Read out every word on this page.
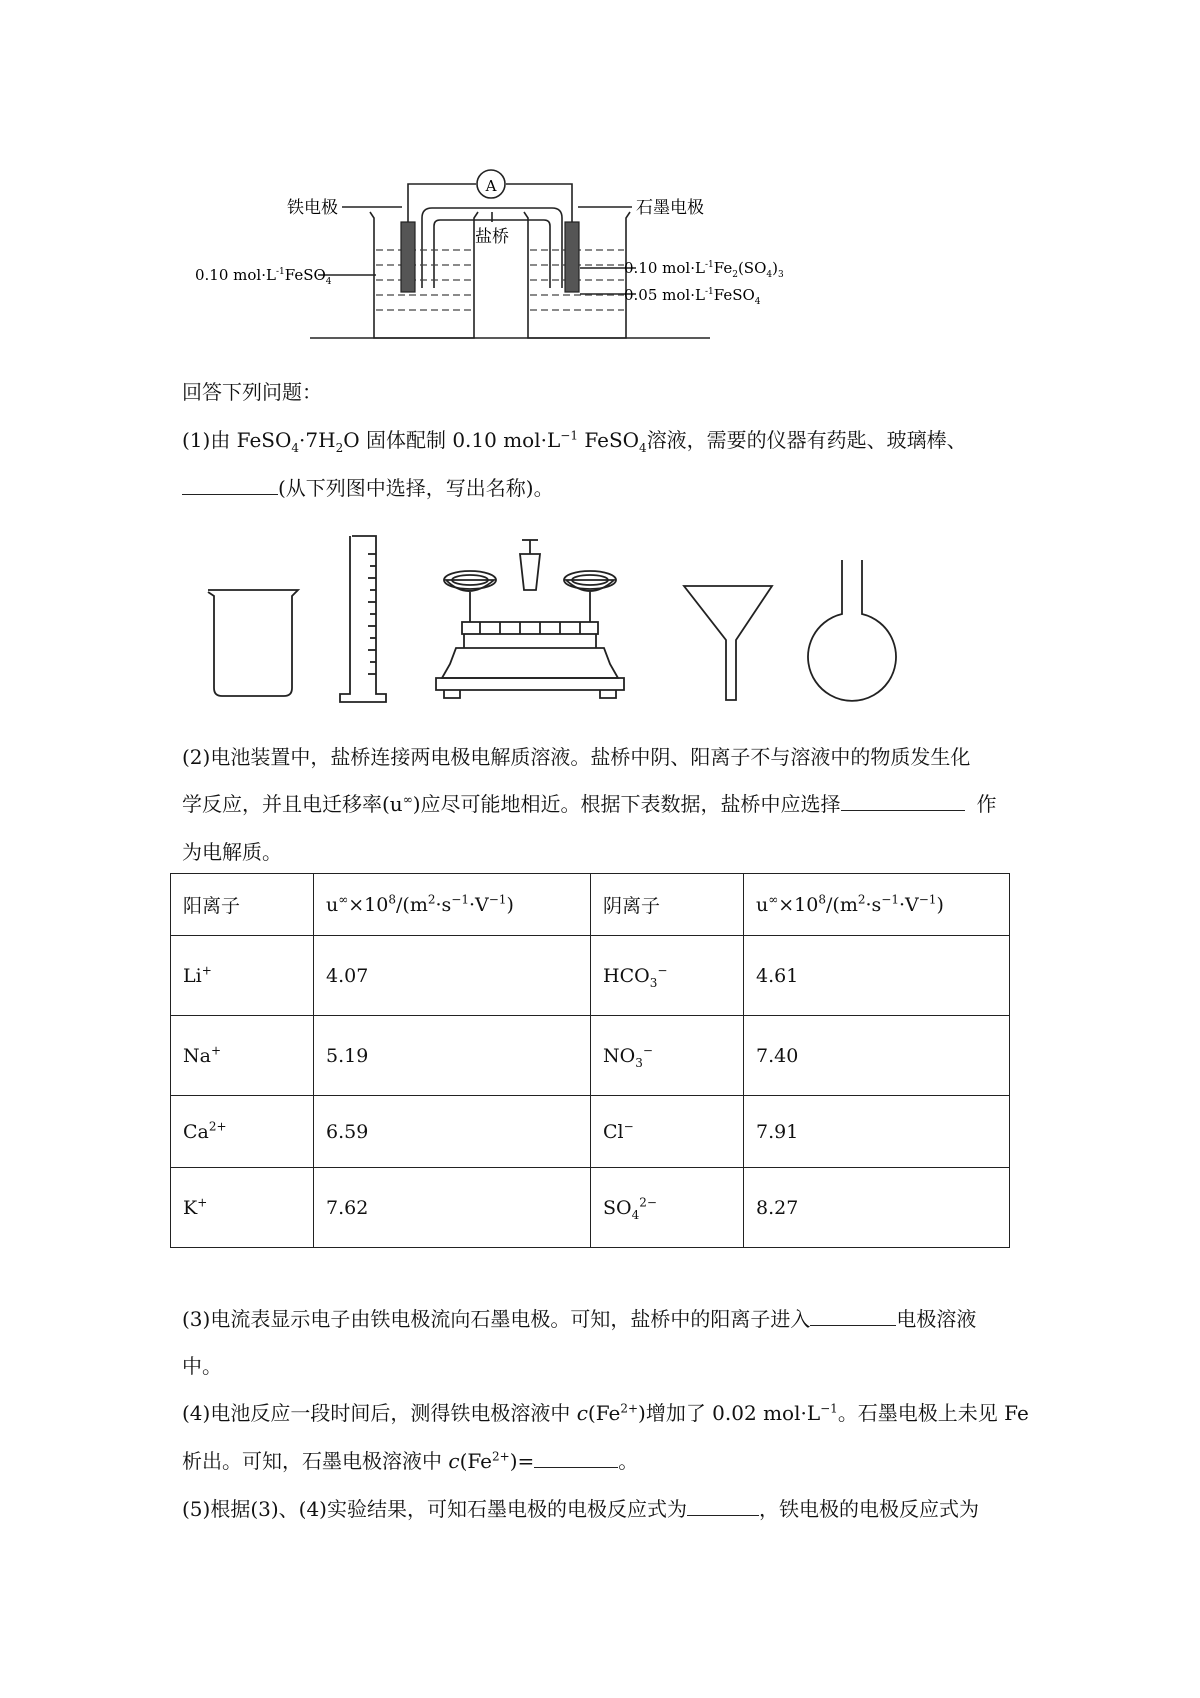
A
铁电极	石墨电极
盐桥
0.10 $mol\cdot L^{-1}FeSO_4$
0.10 $mol\cdot L^{-1}Fe_2(SO_4)_3$
0.05 $mol\cdot L^{-1}FeSO_4$
回答下列问题：
(1)由 $FeSO_4\cdot 7H_2O$ 固体配制 0.10 $mol\cdot L^{-1}$ FeSO$_4$溶液，需要的仪器有药匙、玻璃棒、
(从下列图中选择，写出名称)。
(2)电池装置中，盐桥连接两电极电解质溶液。盐桥中阴、阳离子不与溶液中的物质发生化
学反应，并且电迁移率(u∞)应尽可能地相近。根据下表数据，盐桥中应选择	作
为电解质。
阳离子	$u^\infty\times 10^8/(m^2\cdot s^{-1}\cdot V^{-1})$	阴离子	$u^\infty\times 10^8/(m^2\cdot s^{-1}\cdot V^{-1})$
Li+	4.07	$HCO_3^-$	4.61
Na+	5.19	$NO_3^-$	7.40
$Ca^{2+}$	6.59	Cl−	7.91
K+	7.62	$SO_4^{2-}$	8.27
(3)电流表显示电子由铁电极流向石墨电极。可知，盐桥中的阳离子进入	电极溶液
中。
(4)电池反应一段时间后，测得铁电极溶液中 $c(Fe^{2+})$增加了 0.02 $mol\cdot L^{-1}$。石墨电极上未见 Fe
析出。可知，石墨电极溶液中 $c(Fe^{2+})=$	。
(5)根据(3)、(4)实验结果，可知石墨电极的电极反应式为	，铁电极的电极反应式为
